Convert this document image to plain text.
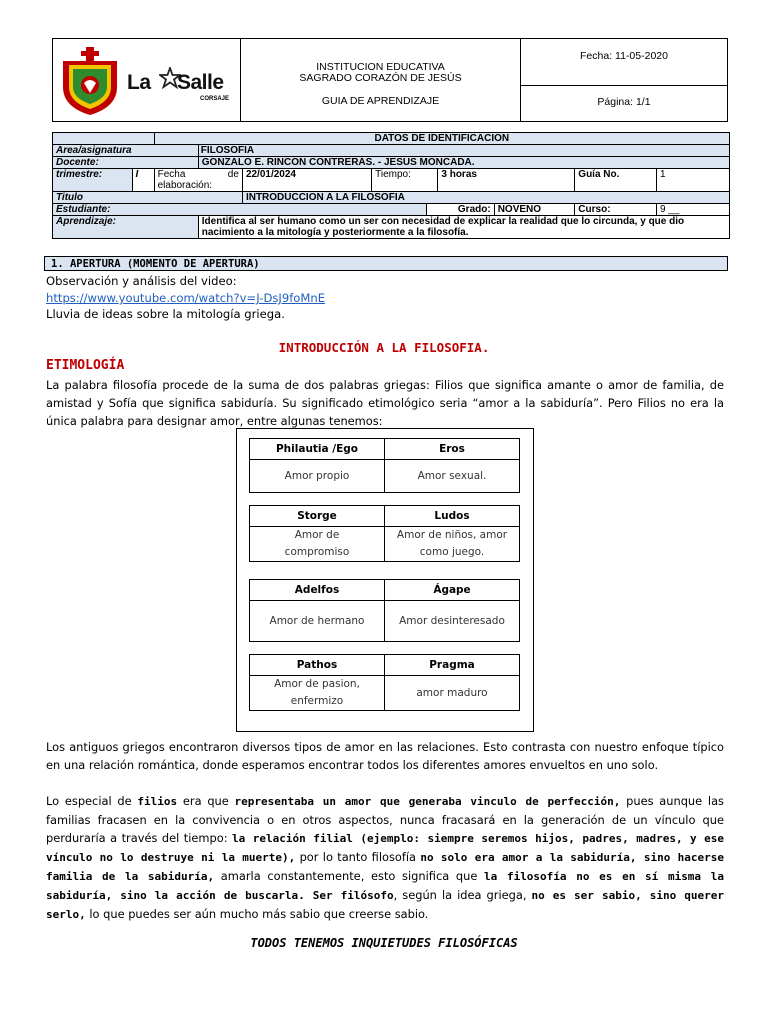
La Salle
CORSAJE
INSTITUCION EDUCATIVA
SAGRADO CORAZÓN DE JESÚS
GUIA DE APRENDIZAJE
Fecha: 11-05-2020
Página: 1/1
		DATOS DE IDENTIFICACION								
Area/asignatura			FILOSOFIA							
Docente:			GONZALO E. RINCON CONTRERAS. - JESUS MONCADA.							
trimestre:	I	Fecha de elaboración:		22/01/2024	Tiempo:		3 horas		Guía No.	1
Titulo				INTRODUCCION A LA FILOSOFIA						
Estudiante:						Grado:		NOVENO	Curso:	9 __
Aprendizaje:			Identifica al ser humano como un ser con necesidad de explicar la realidad que lo circunda, y que dio nacimiento a la mitología y posteriormente a la filosofía.							
1. APERTURA (MOMENTO DE APERTURA)
Observación y análisis del video:
https://www.youtube.com/watch?v=J-DsJ9foMnE
Lluvia de ideas sobre la mitología griega.
INTRODUCCIÓN A LA FILOSOFIA.
ETIMOLOGÍA
La palabra filosofía procede de la suma de dos palabras griegas: Filios que significa amante o amor de familia, de amistad y Sofía que significa sabiduría. Su significado etimológico seria “amor a la sabiduría”. Pero Filios no era la única palabra para designar amor, entre algunas tenemos:
Philautia /Ego	Eros
Amor propio	Amor sexual.
Storge	Ludos
Amor de compromiso	Amor de niños, amor como juego.
Adelfos	Ágape
Amor de hermano	Amor desinteresado
Pathos	Pragma
Amor de pasion, enfermizo	amor maduro
Los antiguos griegos encontraron diversos tipos de amor en las relaciones. Esto contrasta con nuestro enfoque típico en una relación romántica, donde esperamos encontrar todos los diferentes amores envueltos en uno solo.
Lo especial de filios era que representaba un amor que generaba vinculo de perfección, pues aunque las familias fracasen en la convivencia o en otros aspectos, nunca fracasará en la generación de un vínculo que perduraría a través del tiempo: la relación filial (ejemplo: siempre seremos hijos, padres, madres, y ese vínculo no lo destruye ni la muerte), por lo tanto filosofía no solo era amor a la sabiduría, sino hacerse familia de la sabiduría, amarla constantemente, esto significa que la filosofía no es en sí misma la sabiduría, sino la acción de buscarla. Ser filósofo, según la idea griega, no es ser sabio, sino querer serlo, lo que puedes ser aún mucho más sabio que creerse sabio.
TODOS TENEMOS INQUIETUDES FILOSÓFICAS
